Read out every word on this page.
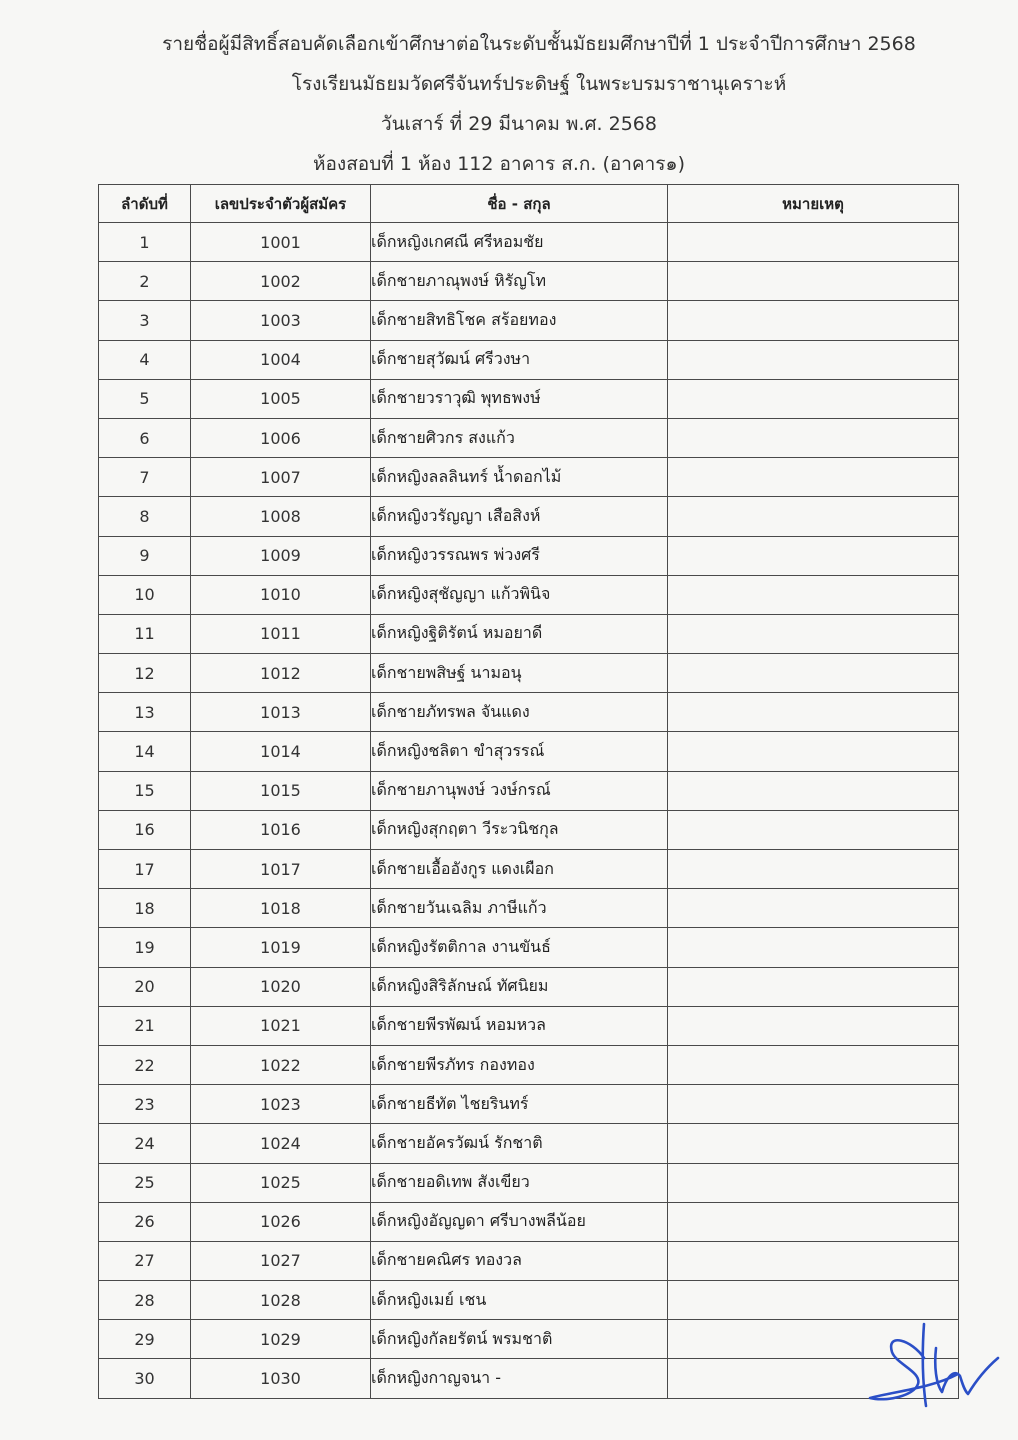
รายชื่อผู้มีสิทธิ์สอบคัดเลือกเข้าศึกษาต่อในระดับชั้นมัธยมศึกษาปีที่ 1 ประจำปีการศึกษา 2568
โรงเรียนมัธยมวัดศรีจันทร์ประดิษฐ์ ในพระบรมราชานุเคราะห์
วันเสาร์ ที่ 29 มีนาคม พ.ศ. 2568
ห้องสอบที่ 1 ห้อง 112 อาคาร ส.ก. (อาคาร๑)
ลำดับที่	เลขประจำตัวผู้สมัคร	ชื่อ - สกุล	หมายเหตุ
1	1001	เด็กหญิงเกศณี ศรีหอมชัย	
2	1002	เด็กชายภาณุพงษ์ หิรัญโท	
3	1003	เด็กชายสิทธิโชค สร้อยทอง	
4	1004	เด็กชายสุวัฒน์ ศรีวงษา	
5	1005	เด็กชายวราวุฒิ พุทธพงษ์	
6	1006	เด็กชายศิวกร สงแก้ว	
7	1007	เด็กหญิงลลลินทร์ น้ำดอกไม้	
8	1008	เด็กหญิงวรัญญา เสือสิงห์	
9	1009	เด็กหญิงวรรณพร พ่วงศรี	
10	1010	เด็กหญิงสุชัญญา แก้วพินิจ	
11	1011	เด็กหญิงฐิติรัตน์ หมอยาดี	
12	1012	เด็กชายพสิษฐ์ นามอนุ	
13	1013	เด็กชายภัทรพล จันแดง	
14	1014	เด็กหญิงชลิตา ขำสุวรรณ์	
15	1015	เด็กชายภานุพงษ์ วงษ์กรณ์	
16	1016	เด็กหญิงสุกฤตา วีระวนิชกุล	
17	1017	เด็กชายเอื้ออังกูร แดงเผือก	
18	1018	เด็กชายวันเฉลิม ภาษีแก้ว	
19	1019	เด็กหญิงรัตติกาล งานขันธ์	
20	1020	เด็กหญิงสิริลักษณ์ ทัศนิยม	
21	1021	เด็กชายพีรพัฒน์ หอมหวล	
22	1022	เด็กชายพีรภัทร กองทอง	
23	1023	เด็กชายธีทัต ไชยรินทร์	
24	1024	เด็กชายอัครวัฒน์ รักชาติ	
25	1025	เด็กชายอดิเทพ สังเขียว	
26	1026	เด็กหญิงอัญญดา ศรีบางพลีน้อย	
27	1027	เด็กชายคณิศร ทองวล	
28	1028	เด็กหญิงเมย์ เชน	
29	1029	เด็กหญิงกัลยรัตน์ พรมชาติ	
30	1030	เด็กหญิงกาญจนา -	
